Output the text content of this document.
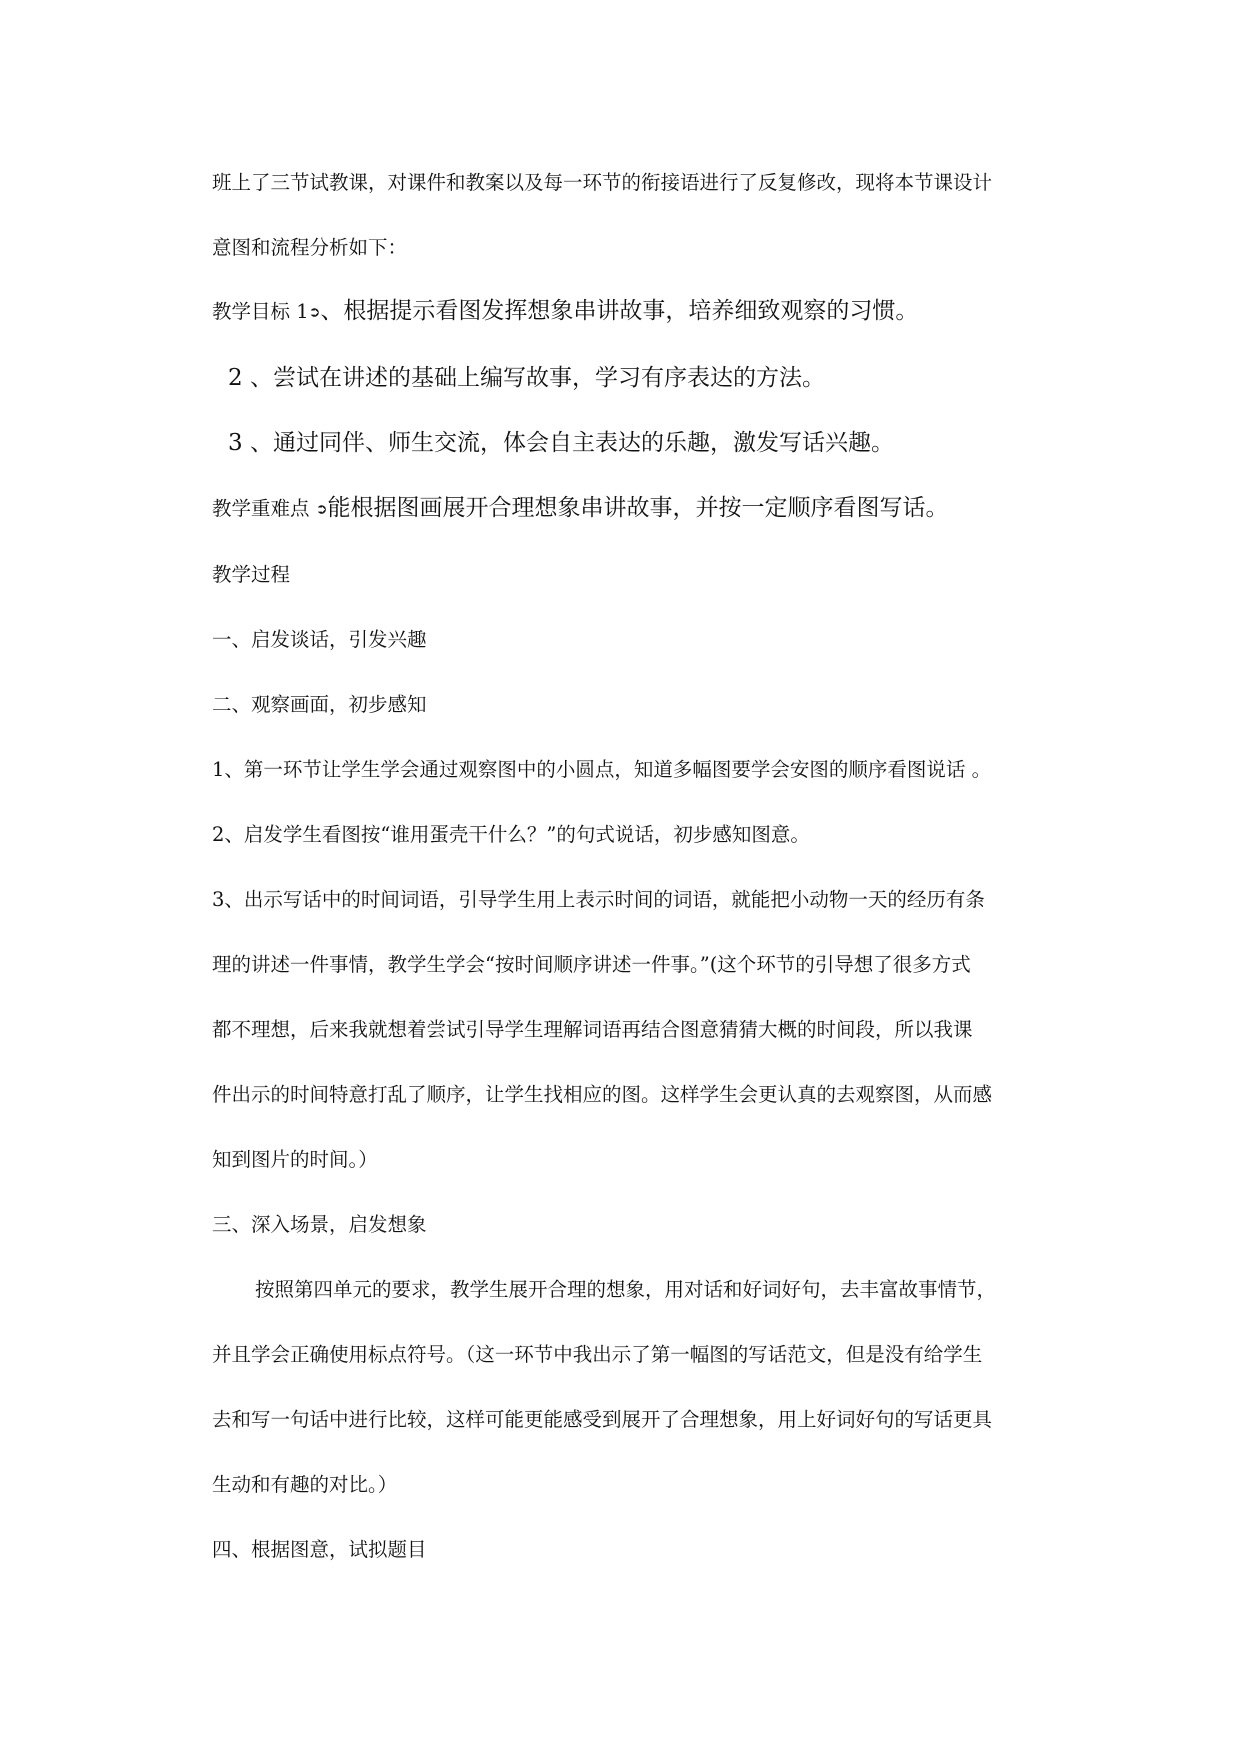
班上了三节试教课，对课件和教案以及每一环节的衔接语进行了反复修改，现将本节课设计
意图和流程分析如下：
教学目标 1➲、根据提示看图发挥想象串讲故事，培养细致观察的习惯。
2 、尝试在讲述的基础上编写故事，学习有序表达的方法。
3 、通过同伴、师生交流，体会自主表达的乐趣，激发写话兴趣。
教学重难点 ➲能根据图画展开合理想象串讲故事，并按一定顺序看图写话。
教学过程
一、启发谈话，引发兴趣
二、观察画面，初步感知
1、第一环节让学生学会通过观察图中的小圆点，知道多幅图要学会安图的顺序看图说话 。
2、启发学生看图按“谁用蛋壳干什么？”的句式说话，初步感知图意。
3、出示写话中的时间词语，引导学生用上表示时间的词语，就能把小动物一天的经历有条
理的讲述一件事情，教学生学会“按时间顺序讲述一件事。”(这个环节的引导想了很多方式
都不理想，后来我就想着尝试引导学生理解词语再结合图意猜猜大概的时间段，所以我课
件出示的时间特意打乱了顺序，让学生找相应的图。这样学生会更认真的去观察图，从而感
知到图片的时间。）
三、深入场景，启发想象
按照第四单元的要求，教学生展开合理的想象，用对话和好词好句，去丰富故事情节，
并且学会正确使用标点符号。（这一环节中我出示了第一幅图的写话范文，但是没有给学生
去和写一句话中进行比较，这样可能更能感受到展开了合理想象，用上好词好句的写话更具
生动和有趣的对比。）
四、根据图意，试拟题目
